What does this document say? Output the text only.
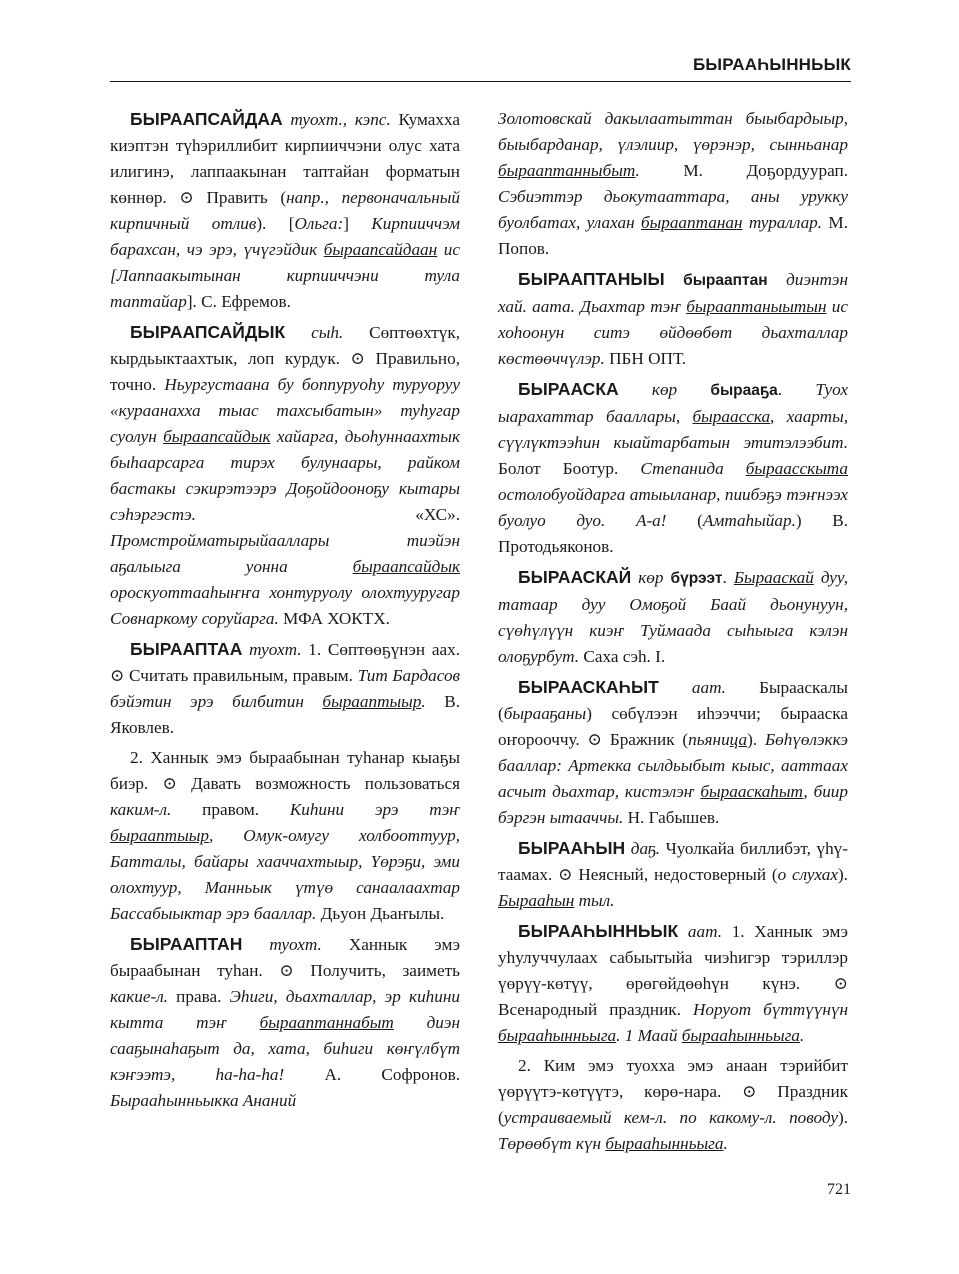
БЫРААҺЫННЬЫК

БЫРААПСАЙДАА туохт., кэпс. Кумахха киэптэн түһэриллибит кирпииччэни олус хата илигинэ, лаппаакынан таптайан форматын көннөр. ⊙ Править (напр., первоначальный кирпичный отлив). [Ольга:] Кирпииччэм барахсан, чэ эрэ, үчүгэйдик быраапсайдаан ис [Лаппаакытынан кирпииччэни тула таптайар]. С. Ефремов.

БЫРААПСАЙДЫК сыһ. Сөптөөхтүк, кырдьыктаахтык, лоп курдук. ⊙ Правильно, точно. Ньургустаана бу боппуруоһу туруоруу «кураанахха тыас тахсыбатын» туһугар суолун быраапсайдык хайарга, дьоһуннаахтык быһаарсарга тирэх булунаары, райком бастакы сэкирэтээрэ Доҕойдооноҕу кытары сэһэргэстэ. «ХС». Промстройматырыйааллары тиэйэн аҕалыыга уонна быраапсайдык ороскуоттааһыҥҥа хонтуруолу олохтууругар Совнаркому соруйарга. МФА ХОКТХ.

БЫРААПТАА туохт. 1. Сөптөөҕүнэн аах. ⊙ Считать правильным, правым. Тит Бардасов бэйэтин эрэ билбитин бырааптыыр. В. Яковлев.

2. Ханнык эмэ быраабынан туһанар кыаҕы биэр. ⊙ Давать возможность пользоваться каким-л. правом. Киһини эрэ тэҥ бырааптыыр, Омук-омугу холбооттуур, Батталы, байары хааччахтыыр, Үөрэҕи, эми олохтуур, Манньык үтүө санаалаахтар Бассабыыктар эрэ бааллар. Дьуон Дьаҥылы.

БЫРААПТАН туохт. Ханнык эмэ быраабынан туһан. ⊙ Получить, заиметь какие-л. права. Эһиги, дьахталлар, эр киһини кытта тэҥ бырааптаннабыт диэн сааҕынаһаҕыт да, хата, биһиги көҥүлбүт кэҥээтэ, ha-ha-ha! А. Софронов. Бырааһынньыкка Ананий

Золотовскай дакылаатыттан быыбардыыр, быыбарданар, үлэлиир, үөрэнэр, сынньанар бырааптанныбыт. М. Доҕордуурап. Сэбиэттэр дьокутааттара, аны урукку буолбатах, улахан бырааптанан тураллар. М. Попов.

БЫРААПТАНЫЫ бырааптан диэнтэн хай. аата. Дьахтар тэҥ бырааптаныытын ис хоһоонун ситэ өйдөөбөт дьахталлар көстөөччүлэр. ПБН ОПТ.

БЫРААСКА көр бырааҕа. Туох ыарахаттар бааллары, быраасска, хаарты, сүүлүктээһин кыайтарбатын этитэлээбит. Болот Боотур. Степанида быраасскыта остолобуойдарга атыыланар, пиибэҕэ тэҥнээх буолуо дуо. А-а! (Амтаһыйар.) В. Протодьяконов.

БЫРААСКАЙ көр бүрээт. Бырааскай дуу, татаар дуу Омоҕой Баай дьонунуун, сүөһүлүүн киэҥ Туймаада сыһыыга кэлэн олоҕурбут. Саха сэһ. I.

БЫРААСКАҺЫТ аат. Бырааскалы (бырааҕаны) сөбүлээн иһээччи; бырааска оҥорооччу. ⊙ Бражник (пьяница). Бөһүөлэккэ бааллар: Артекка сылдьыбыт кыыс, ааттаах асчыт дьахтар, кистэлэҥ бырааскаһыт, биир бэргэн ытааччы. Н. Габышев.

БЫРААҺЫН даҕ. Чуолкайа биллибэт, үһү-таамах. ⊙ Неясный, недостоверный (о слухах). Быраaһын тыл.

БЫРААҺЫННЬЫК аат. 1. Ханнык эмэ уһулуччулаах сабыытыйа чиэһигэр тэриллэр үөрүү-көтүү, өрөгөйдөөһүн күнэ. ⊙ Всенародный праздник. Норуот бүттүүнүн бырааһынньыга. 1 Маай бырааһынньыга.

2. Ким эмэ туохха эмэ анаан тэрийбит үөрүүтэ-көтүүтэ, көрө-нара. ⊙ Праздник (устраиваемый кем-л. по какому-л. поводу). Төрөөбүт күн бырааһынньыга.

721
